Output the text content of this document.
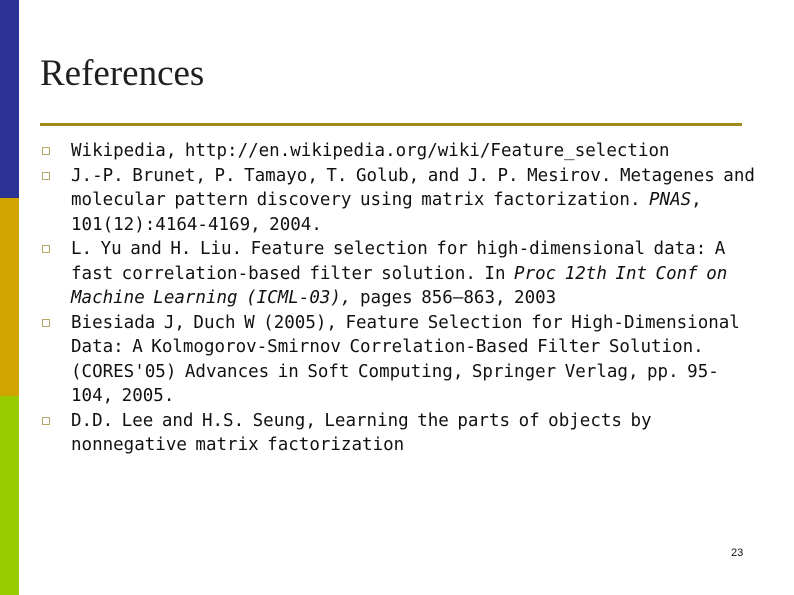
References
Wikipedia, http://en.wikipedia.org/wiki/Feature_selection
J.-P. Brunet, P. Tamayo, T. Golub, and J. P. Mesirov. Metagenes and molecular pattern discovery using matrix factorization. PNAS, 101(12):4164-4169, 2004.
L. Yu and H. Liu. Feature selection for high-dimensional data: A fast correlation-based filter solution. In Proc 12th Int Conf on Machine Learning (ICML-03), pages 856–863, 2003
Biesiada J, Duch W (2005), Feature Selection for High-Dimensional Data: A Kolmogorov-Smirnov Correlation-Based Filter Solution. (CORES'05) Advances in Soft Computing, Springer Verlag, pp. 95-104, 2005.
D.D. Lee and H.S. Seung, Learning the parts of objects by nonnegative matrix factorization
23
